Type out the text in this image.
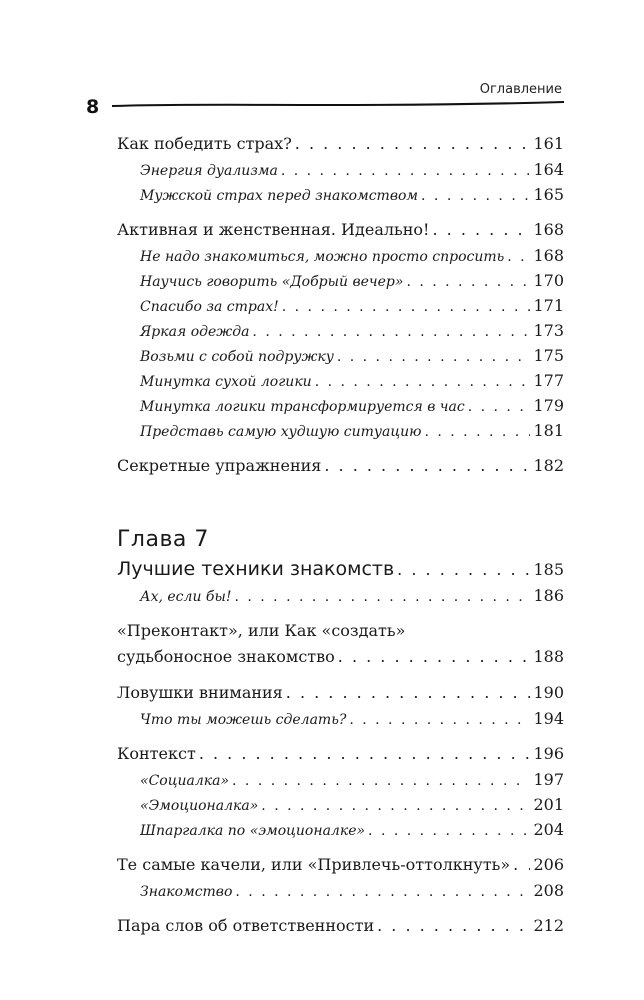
Оглавление
8
Как победить страх? . . .	161
Энергия дуализма . . .	164
Мужской страх перед знакомством . . .	165
Активная и женственная. Идеально! . . .	168
Не надо знакомиться, можно просто спросить . . . 168
Научись говорить «Добрый вечер» . . .	170
Спасибо за страх! . . .	171
Яркая одежда . . .	173
Возьми с собой подружку . . .	175
Минутка сухой логики . . .	177
Минутка логики трансформируется в час . . .	179
Представь самую худшую ситуацию . . .	181
Секретные упражнения . . .	182
Глава 7
Лучшие техники знакомств . . .	185
Ах, если бы! . . .	186
«Преконтакт», или Как «создать»
судьбоносное знакомство . . .	188
Ловушки внимания . . .	190
Что ты можешь сделать? . . .	194
Контекст . . .	196
«Социалка» . . .	197
«Эмоционалка» . . .	201
Шпаргалка по «эмоционалке» . . .	204
Те самые качели, или «Привлечь-оттолкнуть» . . . 206
Знакомство . . .	208
Пара слов об ответственности . . .	212
